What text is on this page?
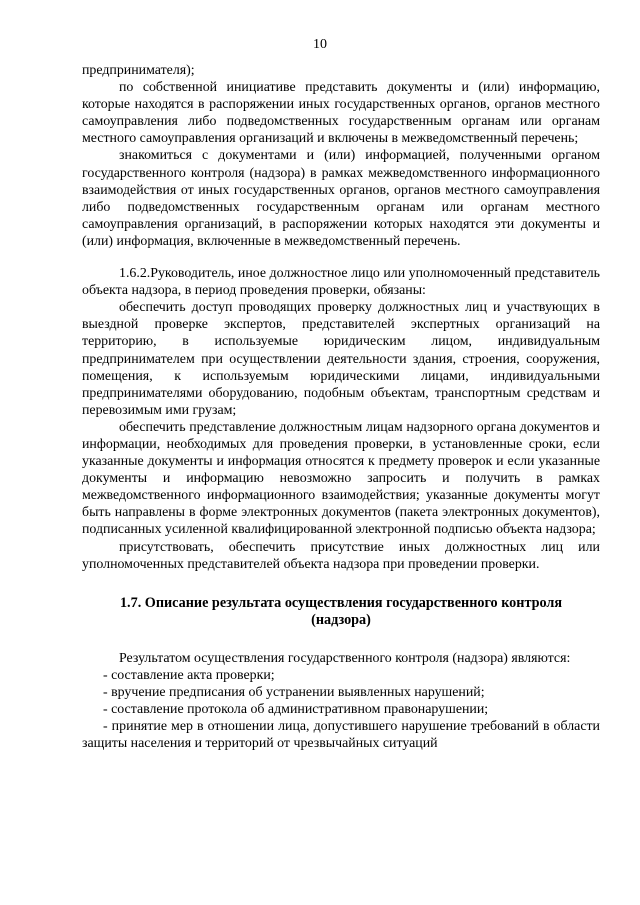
10

предпринимателя);

по собственной инициативе представить документы и (или) информацию, которые находятся в распоряжении иных государственных органов, органов местного самоуправления либо подведомственных государственным органам или органам местного самоуправления организаций и включены в межведомственный перечень;

знакомиться с документами и (или) информацией, полученными органом государственного контроля (надзора) в рамках межведомственного информационного взаимодействия от иных государственных органов, органов местного самоуправления либо подведомственных государственным органам или органам местного самоуправления организаций, в распоряжении которых находятся эти документы и (или) информация, включенные в межведомственный перечень.

1.6.2.Руководитель, иное должностное лицо или уполномоченный представитель объекта надзора, в период проведения проверки, обязаны:

обеспечить доступ проводящих проверку должностных лиц и участвующих в выездной проверке экспертов, представителей экспертных организаций на территорию, в используемые юридическим лицом, индивидуальным предпринимателем при осуществлении деятельности здания, строения, сооружения, помещения, к используемым юридическими лицами, индивидуальными предпринимателями оборудованию, подобным объектам, транспортным средствам и перевозимым ими грузам;

обеспечить представление должностным лицам надзорного органа документов и информации, необходимых для проведения проверки, в установленные сроки, если указанные документы и информация относятся к предмету проверок и если указанные документы и информацию невозможно запросить и получить в рамках межведомственного информационного взаимодействия; указанные документы могут быть направлены в форме электронных документов (пакета электронных документов), подписанных усиленной квалифицированной электронной подписью объекта надзора;

присутствовать, обеспечить присутствие иных должностных лиц или уполномоченных представителей объекта надзора при проведении проверки.

1.7. Описание результата осуществления государственного контроля
(надзора)

Результатом осуществления государственного контроля (надзора) являются:

- составление акта проверки;

- вручение предписания об устранении выявленных нарушений;

- составление протокола об административном правонарушении;

- принятие мер в отношении лица, допустившего нарушение требований в области защиты населения и территорий от чрезвычайных ситуаций
